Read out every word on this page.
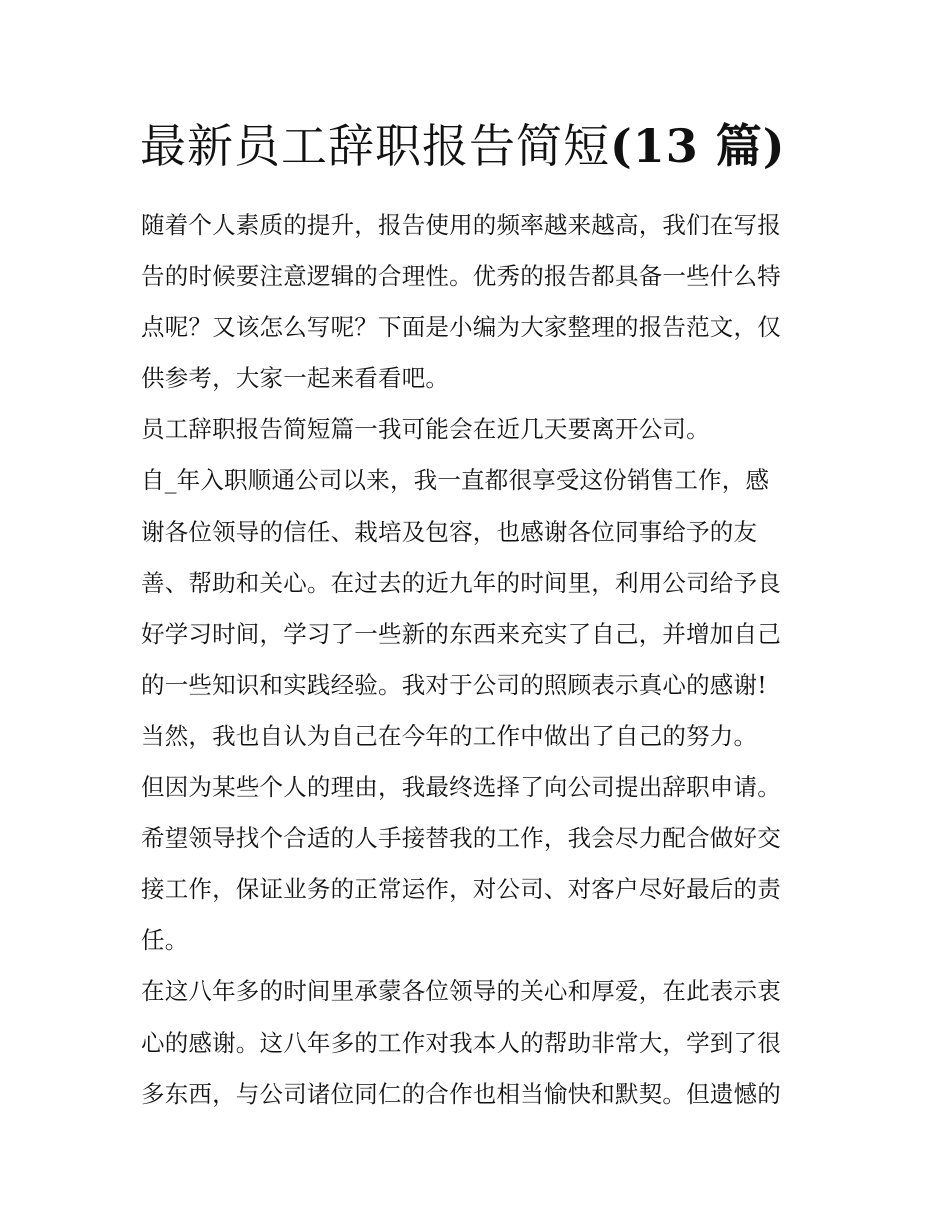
最新员工辞职报告简短(13 篇)
随着个人素质的提升，报告使用的频率越来越高，我们在写报
告的时候要注意逻辑的合理性。优秀的报告都具备一些什么特
点呢？又该怎么写呢？下面是小编为大家整理的报告范文，仅
供参考，大家一起来看看吧。
员工辞职报告简短篇一我可能会在近几天要离开公司。
自_年入职顺通公司以来，我一直都很享受这份销售工作，感
谢各位领导的信任、栽培及包容，也感谢各位同事给予的友
善、帮助和关心。在过去的近九年的时间里，利用公司给予良
好学习时间，学习了一些新的东西来充实了自己，并增加自己
的一些知识和实践经验。我对于公司的照顾表示真心的感谢!
当然，我也自认为自己在今年的工作中做出了自己的努力。
但因为某些个人的理由，我最终选择了向公司提出辞职申请。
希望领导找个合适的人手接替我的工作，我会尽力配合做好交
接工作，保证业务的正常运作，对公司、对客户尽好最后的责
任。
在这八年多的时间里承蒙各位领导的关心和厚爱，在此表示衷
心的感谢。这八年多的工作对我本人的帮助非常大，学到了很
多东西，与公司诸位同仁的合作也相当愉快和默契。但遗憾的
